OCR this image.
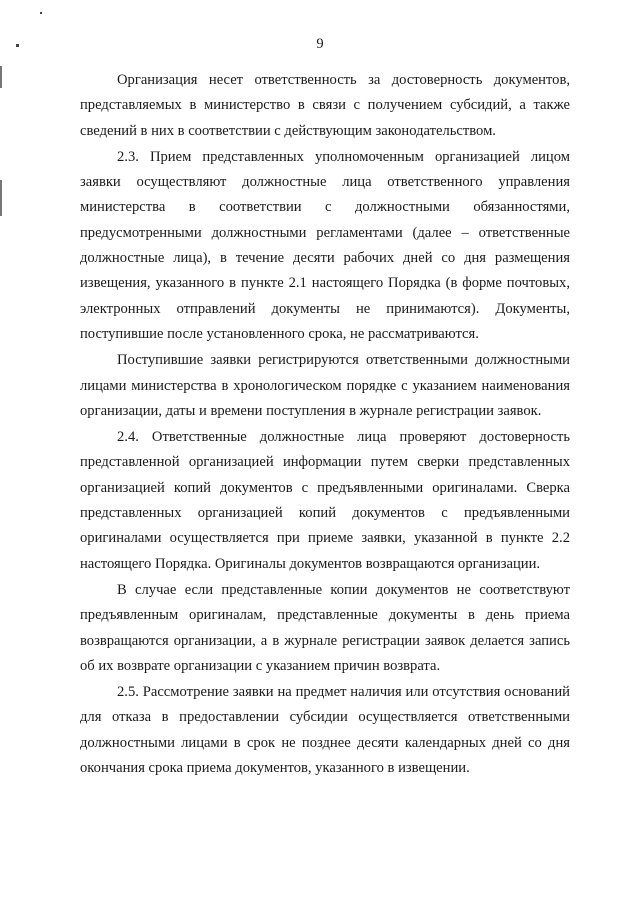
9

Организация несет ответственность за достоверность документов, представляемых в министерство в связи с получением субсидий, а также сведений в них в соответствии с действующим законодательством.

2.3. Прием представленных уполномоченным организацией лицом заявки осуществляют должностные лица ответственного управления министерства в соответствии с должностными обязанностями, предусмотренными должностными регламентами (далее – ответственные должностные лица), в течение десяти рабочих дней со дня размещения извещения, указанного в пункте 2.1 настоящего Порядка (в форме почтовых, электронных отправлений документы не принимаются). Документы, поступившие после установленного срока, не рассматриваются.

Поступившие заявки регистрируются ответственными должностными лицами министерства в хронологическом порядке с указанием наименования организации, даты и времени поступления в журнале регистрации заявок.

2.4. Ответственные должностные лица проверяют достоверность представленной организацией информации путем сверки представленных организацией копий документов с предъявленными оригиналами. Сверка представленных организацией копий документов с предъявленными оригиналами осуществляется при приеме заявки, указанной в пункте 2.2 настоящего Порядка. Оригиналы документов возвращаются организации.

В случае если представленные копии документов не соответствуют предъявленным оригиналам, представленные документы в день приема возвращаются организации, а в журнале регистрации заявок делается запись об их возврате организации с указанием причин возврата.

2.5. Рассмотрение заявки на предмет наличия или отсутствия оснований для отказа в предоставлении субсидии осуществляется ответственными должностными лицами в срок не позднее десяти календарных дней со дня окончания срока приема документов, указанного в извещении.
